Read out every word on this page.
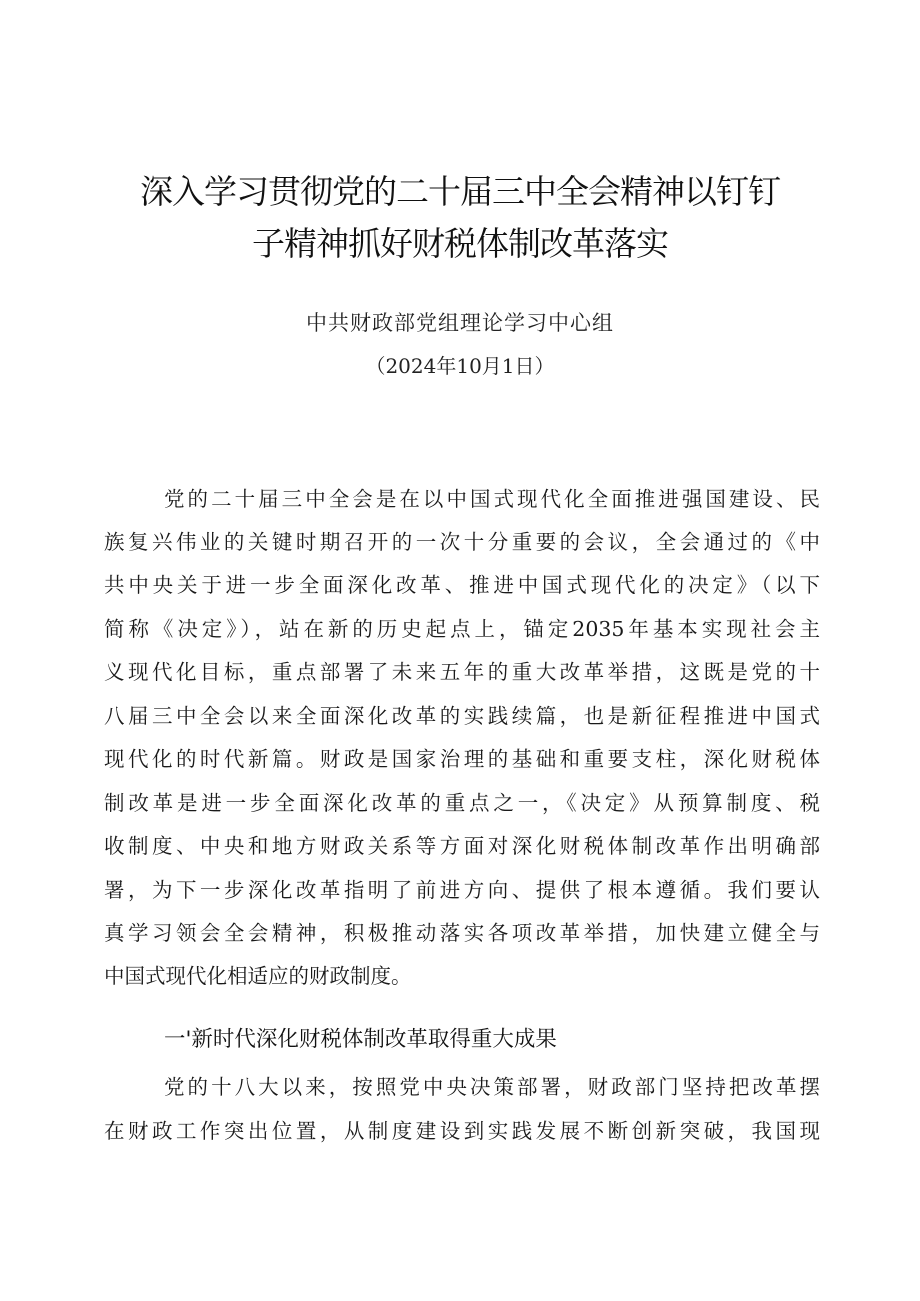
深入学习贯彻党的二十届三中全会精神以钉钉
子精神抓好财税体制改革落实
中共财政部党组理论学习中心组
（2024年10月1日）
党的二十届三中全会是在以中国式现代化全面推进强国建设、民
族复兴伟业的关键时期召开的一次十分重要的会议，全会通过的《中
共中央关于进一步全面深化改革、推进中国式现代化的决定》（以下
简称《决定》），站在新的历史起点上，锚定2035年基本实现社会主
义现代化目标，重点部署了未来五年的重大改革举措，这既是党的十
八届三中全会以来全面深化改革的实践续篇，也是新征程推进中国式
现代化的时代新篇。财政是国家治理的基础和重要支柱，深化财税体
制改革是进一步全面深化改革的重点之一，《决定》从预算制度、税
收制度、中央和地方财政关系等方面对深化财税体制改革作出明确部
署，为下一步深化改革指明了前进方向、提供了根本遵循。我们要认
真学习领会全会精神，积极推动落实各项改革举措，加快建立健全与
中国式现代化相适应的财政制度。
一'新时代深化财税体制改革取得重大成果
党的十八大以来，按照党中央决策部署，财政部门坚持把改革摆
在财政工作突出位置，从制度建设到实践发展不断创新突破，我国现
